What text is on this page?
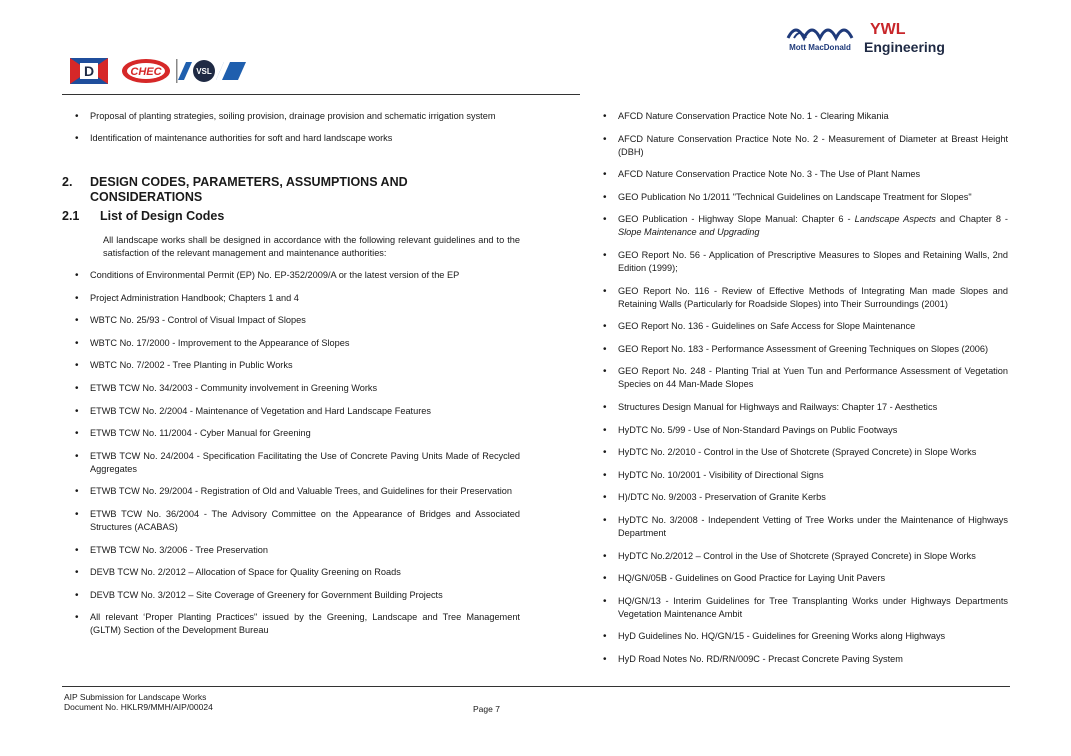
D	CHEC	VSL
Mott MacDonald
YWL
Engineering
• Proposal of planting strategies, soiling provision, drainage provision and schematic irrigation system
• Identification of maintenance authorities for soft and hard landscape works
2. DESIGN CODES, PARAMETERS, ASSUMPTIONS AND CONSIDERATIONS
2.1 List of Design Codes

All landscape works shall be designed in accordance with the following relevant guidelines and to the satisfaction of the relevant management and maintenance authorities:

• Conditions of Environmental Permit (EP) No. EP-352/2009/A or the latest version of the EP
• Project Administration Handbook; Chapters 1 and 4
• WBTC No. 25/93 - Control of Visual Impact of Slopes
• WBTC No. 17/2000 - Improvement to the Appearance of Slopes
• WBTC No. 7/2002 - Tree Planting in Public Works
• ETWB TCW No. 34/2003 - Community involvement in Greening Works
• ETWB TCW No. 2/2004 - Maintenance of Vegetation and Hard Landscape Features
• ETWB TCW No. 11/2004 - Cyber Manual for Greening
• ETWB TCW No. 24/2004 - Specification Facilitating the Use of Concrete Paving Units Made of Recycled Aggregates
• ETWB TCW No. 29/2004 - Registration of Old and Valuable Trees, and Guidelines for their Preservation
• ETWB TCW No. 36/2004 - The Advisory Committee on the Appearance of Bridges and Associated Structures (ACABAS)
• ETWB TCW No. 3/2006 - Tree Preservation
• DEVB TCW No. 2/2012 – Allocation of Space for Quality Greening on Roads
• DEVB TCW No. 3/2012 – Site Coverage of Greenery for Government Building Projects
• All relevant ‘Proper Planting Practices" issued by the Greening, Landscape and Tree Management (GLTM) Section of the Development Bureau
• AFCD Nature Conservation Practice Note No. 1 - Clearing Mikania
• AFCD Nature Conservation Practice Note No. 2 - Measurement of Diameter at Breast Height (DBH)
• AFCD Nature Conservation Practice Note No. 3 - The Use of Plant Names
• GEO Publication No 1/2011 "Technical Guidelines on Landscape Treatment for Slopes"
• GEO Publication - Highway Slope Manual: Chapter 6 - Landscape Aspects and Chapter 8 - Slope Maintenance and Upgrading
• GEO Report No. 56 - Application of Prescriptive Measures to Slopes and Retaining Walls, 2nd Edition (1999);
• GEO Report No. 116 - Review of Effective Methods of Integrating Man made Slopes and Retaining Walls (Particularly for Roadside Slopes) into Their Surroundings (2001)
• GEO Report No. 136 - Guidelines on Safe Access for Slope Maintenance
• GEO Report No. 183 - Performance Assessment of Greening Techniques on Slopes (2006)
• GEO Report No. 248 - Planting Trial at Yuen Tun and Performance Assessment of Vegetation Species on 44 Man-Made Slopes
• Structures Design Manual for Highways and Railways: Chapter 17 - Aesthetics
• HyDTC No. 5/99 - Use of Non-Standard Pavings on Public Footways
• HyDTC No. 2/2010 - Control in the Use of Shotcrete (Sprayed Concrete) in Slope Works
• HyDTC No. 10/2001 - Visibility of Directional Signs
• H)/DTC No. 9/2003 - Preservation of Granite Kerbs
• HyDTC No. 3/2008 - Independent Vetting of Tree Works under the Maintenance of Highways Department
• HyDTC No.2/2012 – Control in the Use of Shotcrete (Sprayed Concrete) in Slope Works
• HQ/GN/05B - Guidelines on Good Practice for Laying Unit Pavers
• HQ/GN/13 - Interim Guidelines for Tree Transplanting Works under Highways Departments Vegetation Maintenance Ambit
• HyD Guidelines No. HQ/GN/15 - Guidelines for Greening Works along Highways
• HyD Road Notes No. RD/RN/009C - Precast Concrete Paving System
AIP Submission for Landscape Works
Document No. HKLR9/MMH/AIP/00024	Page 7
